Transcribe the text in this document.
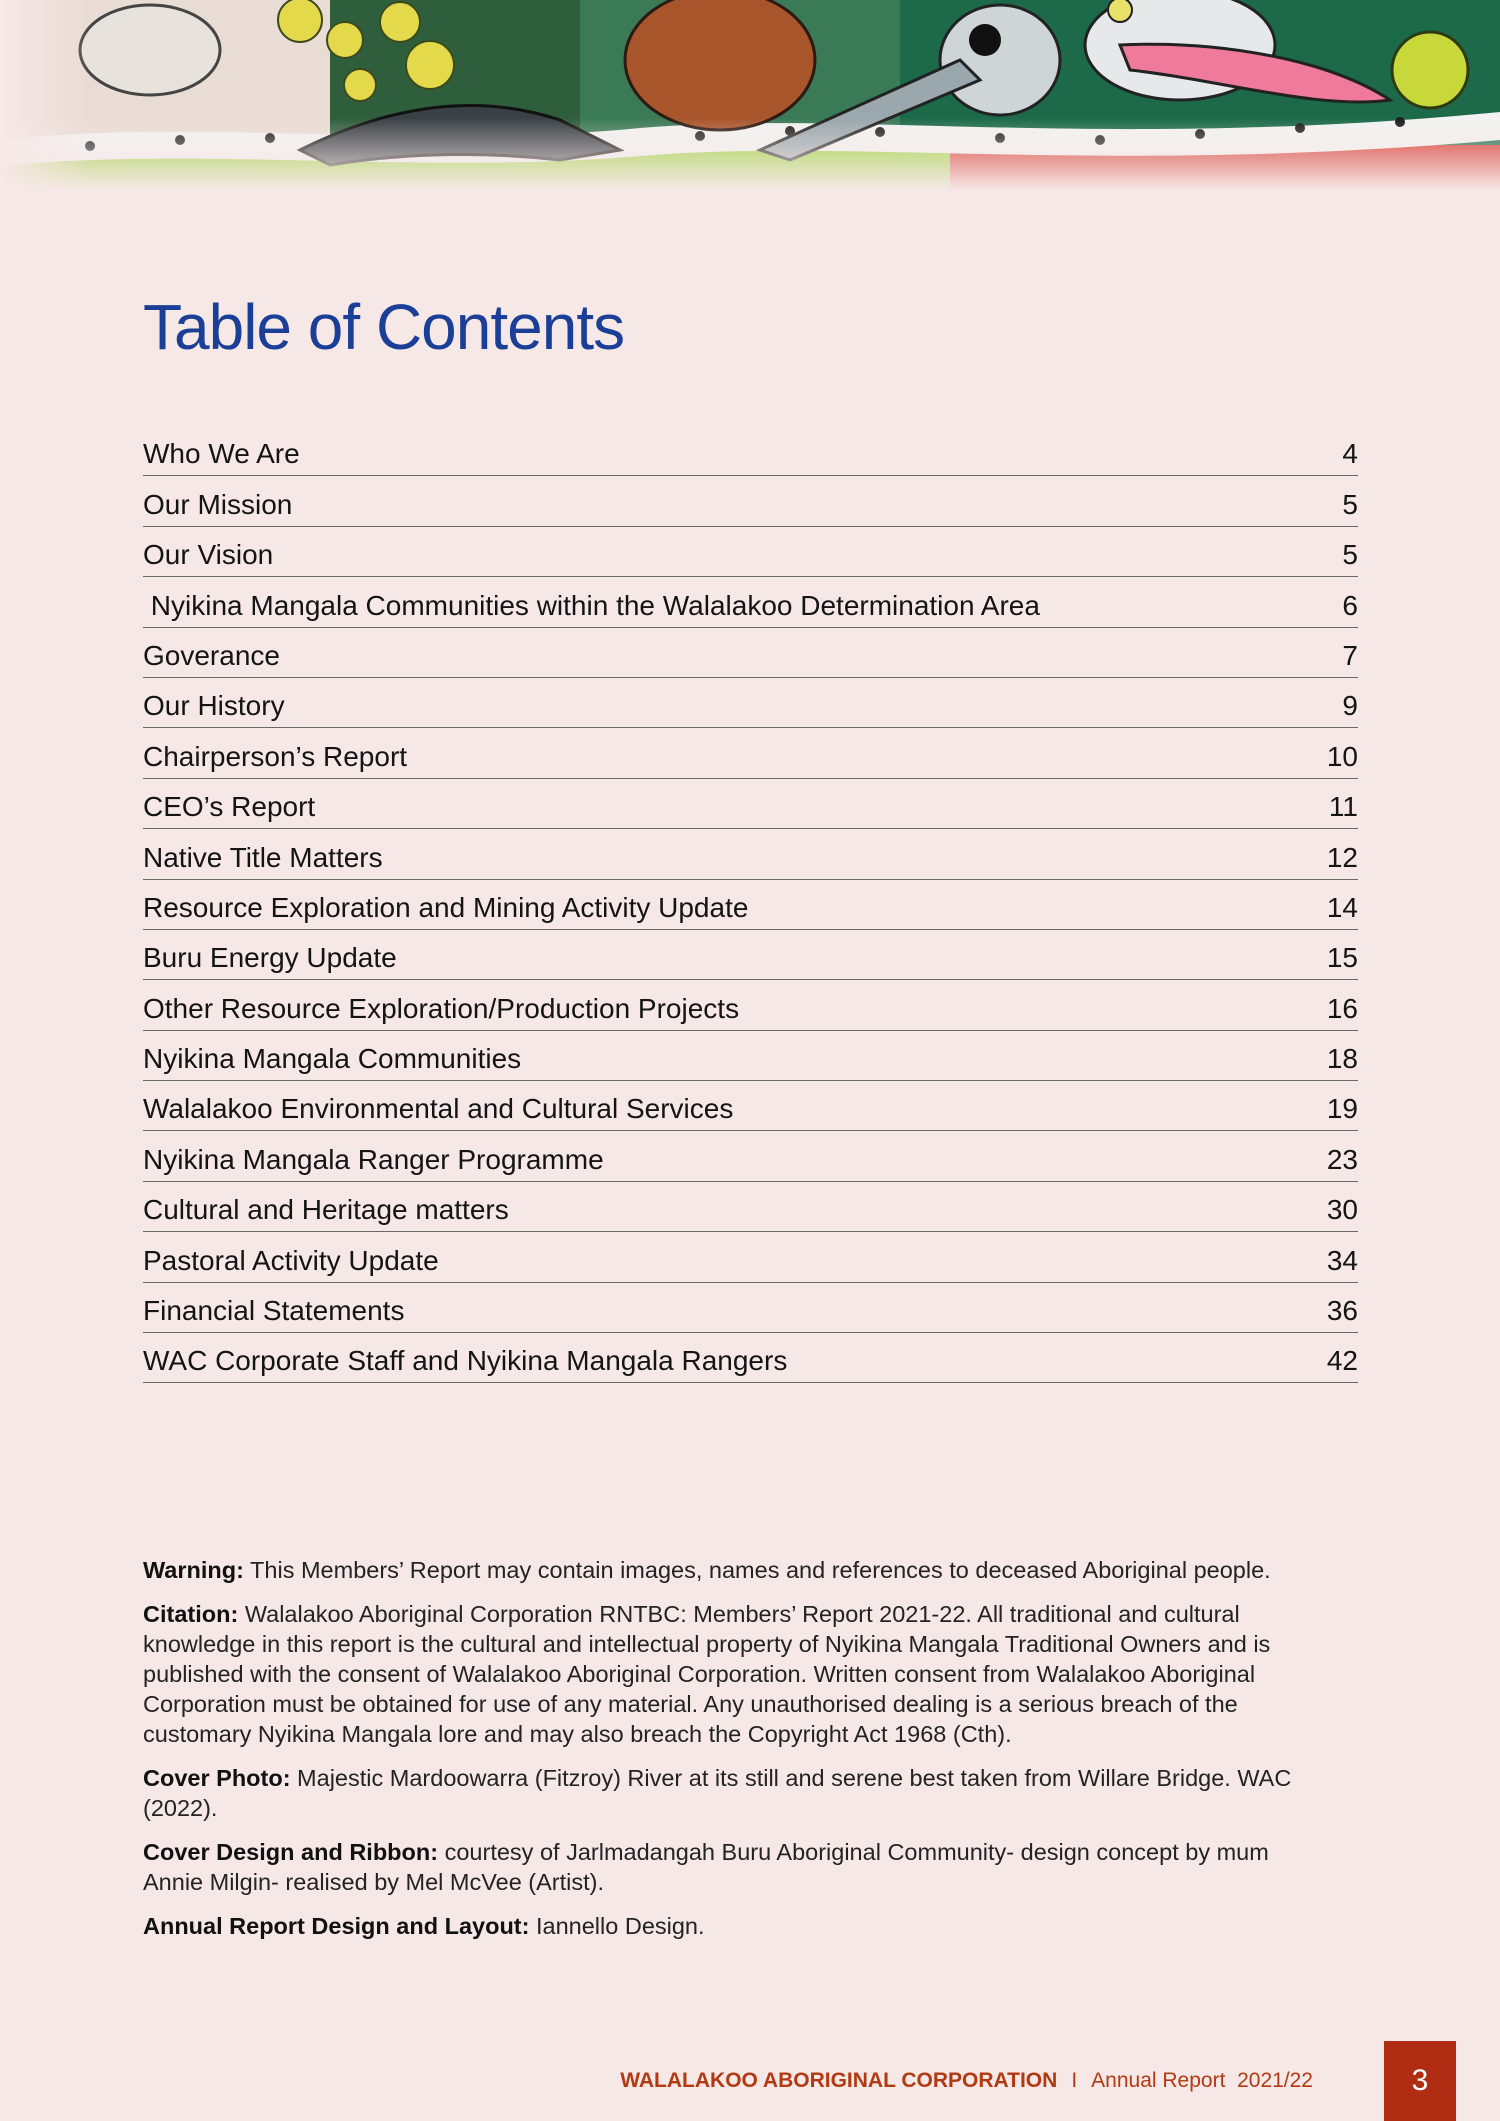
Table of Contents
Who We Are	4
Our Mission	5
Our Vision	5
Nyikina Mangala Communities within the Walalakoo Determination Area	6
Goverance	7
Our History	9
Chairperson’s Report	10
CEO’s Report	11
Native Title Matters	12
Resource Exploration and Mining Activity Update	14
Buru Energy Update	15
Other Resource Exploration/Production Projects	16
Nyikina Mangala Communities	18
Walalakoo Environmental and Cultural Services	19
Nyikina Mangala Ranger Programme	23
Cultural and Heritage matters	30
Pastoral Activity Update	34
Financial Statements	36
WAC Corporate Staff and Nyikina Mangala Rangers	42

Warning: This Members’ Report may contain images, names and references to deceased Aboriginal people.

Citation: Walalakoo Aboriginal Corporation RNTBC: Members’ Report 2021-22. All traditional and cultural knowledge in this report is the cultural and intellectual property of Nyikina Mangala Traditional Owners and is published with the consent of Walalakoo Aboriginal Corporation. Written consent from Walalakoo Aboriginal Corporation must be obtained for use of any material. Any unauthorised dealing is a serious breach of the customary Nyikina Mangala lore and may also breach the Copyright Act 1968 (Cth).

Cover Photo: Majestic Mardoowarra (Fitzroy) River at its still and serene best taken from Willare Bridge. WAC (2022).

Cover Design and Ribbon: courtesy of Jarlmadangah Buru Aboriginal Community- design concept by mum Annie Milgin- realised by Mel McVee (Artist).

Annual Report Design and Layout: Iannello Design.

WALALAKOO ABORIGINAL CORPORATION I Annual Report  2021/22	3
